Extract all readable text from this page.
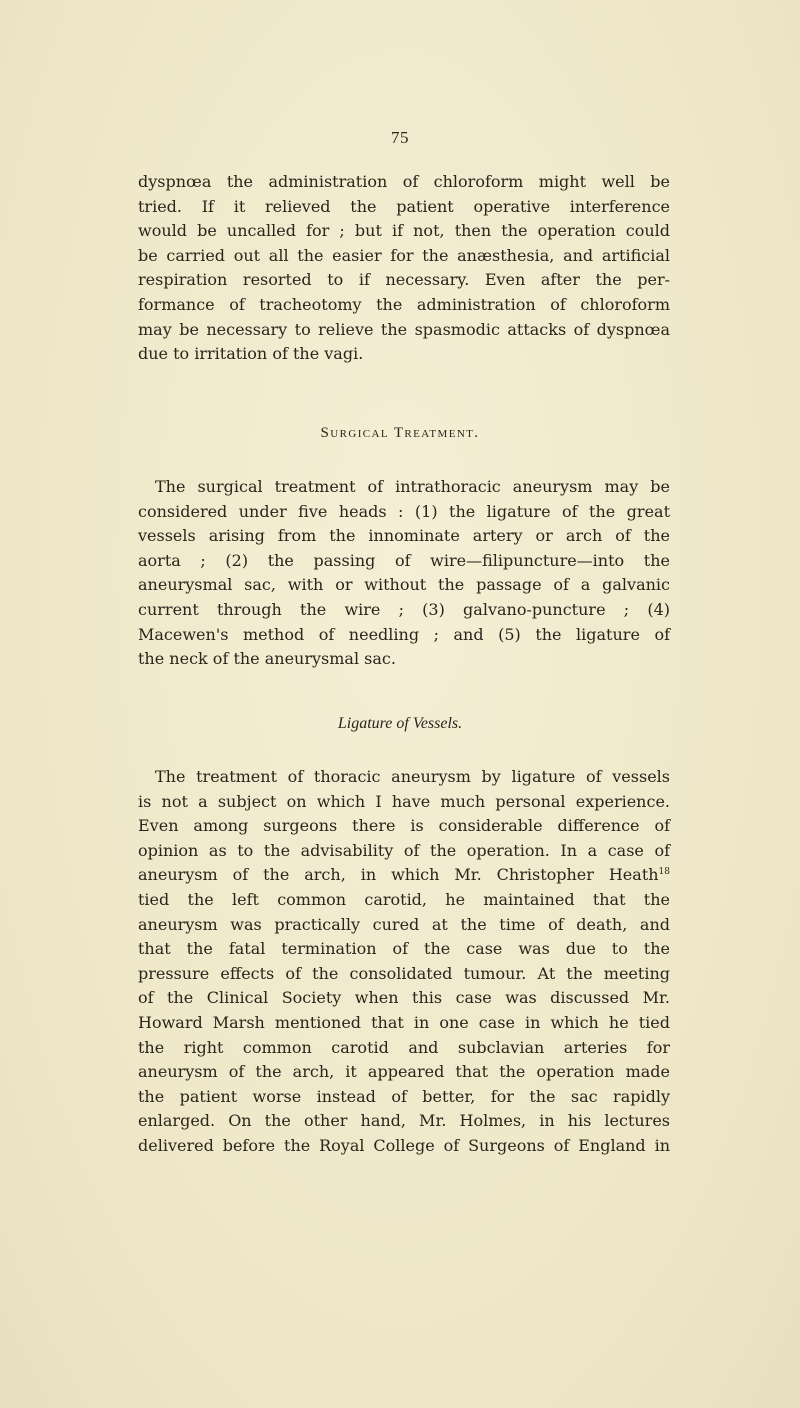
75
dyspnœa the administration of chloroform might well be
tried. If it relieved the patient operative interference
would be uncalled for ; but if not, then the operation could
be carried out all the easier for the anæsthesia, and artificial
respiration resorted to if necessary. Even after the per-
formance of tracheotomy the administration of chloroform
may be necessary to relieve the spasmodic attacks of dyspnœa
due to irritation of the vagi.
Surgical Treatment.
The surgical treatment of intrathoracic aneurysm may be
considered under five heads : (1) the ligature of the great
vessels arising from the innominate artery or arch of the
aorta ; (2) the passing of wire—filipuncture—into the
aneurysmal sac, with or without the passage of a galvanic
current through the wire ; (3) galvano-puncture ; (4)
Macewen's method of needling ; and (5) the ligature of
the neck of the aneurysmal sac.
Ligature of Vessels.
The treatment of thoracic aneurysm by ligature of vessels
is not a subject on which I have much personal experience.
Even among surgeons there is considerable difference of
opinion as to the advisability of the operation. In a case of
aneurysm of the arch, in which Mr. Christopher Heath$^{18}$
tied the left common carotid, he maintained that the
aneurysm was practically cured at the time of death, and
that the fatal termination of the case was due to the
pressure effects of the consolidated tumour. At the meeting
of the Clinical Society when this case was discussed Mr.
Howard Marsh mentioned that in one case in which he tied
the right common carotid and subclavian arteries for
aneurysm of the arch, it appeared that the operation made
the patient worse instead of better, for the sac rapidly
enlarged. On the other hand, Mr. Holmes, in his lectures
delivered before the Royal College of Surgeons of England in
